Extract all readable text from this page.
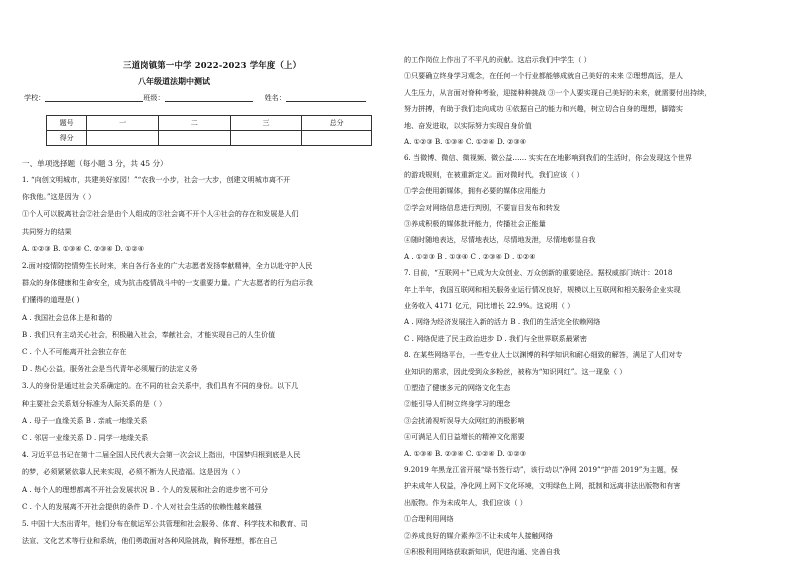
三道岗镇第一中学 2022-2023 学年度（上）
八年级道法期中测试
学校：	班级：	姓名：
题号	一	二	三	总分
得分				
一、单项选择题（每小题 3 分，共 45 分）
1. “向创文明城市，共建美好家园！”“农我一小步，社会一大步，创建文明城市离不开
你我他。”这是因为（ ）
①个人可以脱离社会②社会是由个人组成的③社会离不开个人④社会的存在和发展是人们
共同努力的结果
A. ①②③ B. ①③④ C. ②③④ D. ①②④
2.面对疫情防控情势生长时来，来自各行各业的广大志愿者发扬奉献精神，全力以赴守护人民
群众的身体健康和生命安全，成为抗击疫情战斗中的一支重要力量。广大志愿者的行为启示我
们懂得的道理是( )
A . 我国社会总体上是和谐的
B . 我们只有主动关心社会，积极融入社会，奉献社会，才能实现自己的人生价值
C . 个人不可能离开社会独立存在
D . 热心公益，服务社会是当代青年必须履行的法定义务
3.人的身份是通过社会关系确定的。在不同的社会关系中，我们具有不同的身份。以下几
种主要社会关系划分标准为人际关系的是（ ）
A . 母子一血缘关系 B . 亲戚一地缘关系
C . 邻居一业缘关系 D . 同学一地缘关系
4. 习近平总书记在第十二届全国人民代表大会第一次会议上指出，中国梦归根到底是人民
的梦，必须紧紧依靠人民来实现，必须不断为人民造福。这是因为（ ）
A . 每个人的理想都离不开社会发展状况 B . 个人的发展和社会的进步密不可分
C . 个人的发展离不开社会提供的条件 D . 个人对社会生活的依赖性越来越强
5. 中国十大杰出青年，他们分布在航运军公共管理和社会服务、体育、科学技术和教育、司
法宣、文化艺术等行业和系统，他们勇敢面对各种风险挑战，胸怀理想，都在自己
的工作岗位上作出了不平凡的贡献。这启示我们中学生（ ）
①只要确立终身学习观念，在任何一个行业都能够成就自己美好的未来 ②理想高远，是人
人生压力，从言面对脊种考验，迎接种种挑战 ③一个人要实现自己美好的未来，就需要付出持续，
努力拼搏，有助于我们走向成功 ④依据自己的能力和兴趣，树立切合自身的理想，脚踏实
地、奋发进取，以实际努力实现自身价值
A. ①②③ B. ①③④ C. ①②④ D. ②③④
6. 当微博、微信、微视频、微公益…… 实实在在地影响到我们的生活时，你会发现这个世界
的游戏规则，在被重新定义。面对微时代，我们应该（ ）
①学会使用新媒体，拥有必要的媒体应用能力
②学会对网络信息进行判别，不要盲目发布和转发
③养成积极的媒体批评能力，传播社会正能量
④随时随地表达，尽情地表达，尽情地发泄，尽情地彰显自我
A . ①②③ B . ①③④ C . ②③④ D . ①②④
7. 目前，“互联网＋”已成为大众创业、万众创新的重要途径。据权威部门统计：2018
年上半年，我国互联网和相关服务业运行情况良好，规模以上互联网和相关服务企业实现
业务收入 4171 亿元，同比增长 22.9%。这说明（ ）
A . 网络为经济发展注入新的活力 B . 我们的生活完全依赖网络
C . 网络促进了民主政治进步 D . 我们与全世界联系最紧密
8. 在某些网络平台，一些专业人士以渊博的科学知识和耐心细致的解答，满足了人们对专
业知识的需求，因此受到众多粉丝，被称为“知识网红”。这一现象（ ）
①塑造了健康多元的网络文化生态
②能引导人们树立终身学习的理念
③会扰淆视听误导大众网红的消极影响
④可满足人们日益增长的精神文化需要
A. ①③④ B. ②③④ C. ①②④ D. ①②③
9.2019 年黑龙江省开展“绿书签行动”，该行动以“净网 2019”“护苗 2019”为主题，保
护未成年人权益，净化网上网下文化环境，文明绿色上网，抵制和远离非法出版物和有害
出版物。作为未成年人，我们应该（ ）
①合理利用网络
②养成良好的媒介素养③不让未成年人接触网络
④积极利用网络获取新知识，促进沟通、完善自我
